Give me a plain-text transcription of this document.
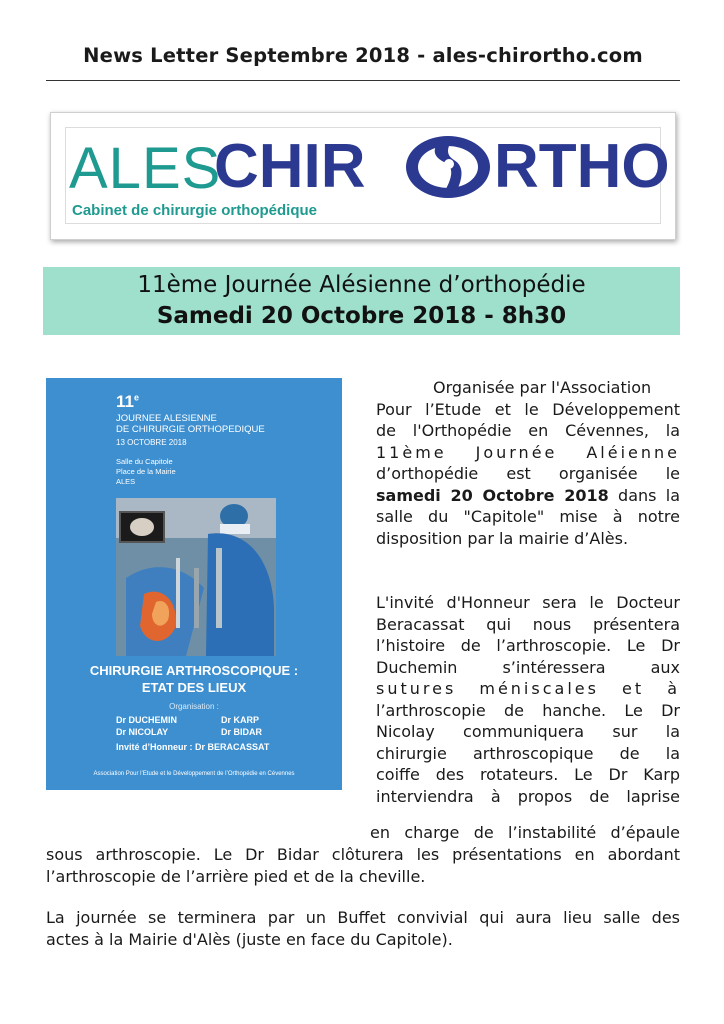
News Letter Septembre 2018 - ales-chirortho.com
ALES
CHIR RTHO
Cabinet de chirurgie orthopédique
11ème Journée Alésienne d’orthopédie
Samedi 20 Octobre 2018 - 8h30
11e
JOURNEE ALESIENNE
DE CHIRURGIE ORTHOPEDIQUE
13 OCTOBRE 2018
Salle du Capitole
Place de la Mairie
ALES
CHIRURGIE ARTHROSCOPIQUE :
ETAT DES LIEUX
Organisation :
Dr DUCHEMIN	Dr KARP
Dr NICOLAY	Dr BIDAR
Invité d’Honneur : Dr BERACASSAT
Association Pour l’Etude et le Développement de l’Orthopédie en Cévennes
Organisée par l'Association
Pour l’Etude et le Développement
de l'Orthopédie en Cévennes, la
11ème Journée Aléienne
d’orthopédie est organisée le
samedi 20 Octobre 2018 dans la
salle du "Capitole" mise à notre
disposition par la mairie d’Alès.
L'invité d'Honneur sera le Docteur
Beracassat qui nous présentera
l’histoire de l’arthroscopie. Le Dr
Duchemin s’intéressera aux
sutures méniscales et à
l’arthroscopie de hanche. Le Dr
Nicolay communiquera sur la
chirurgie arthroscopique de la
coiffe des rotateurs. Le Dr Karp
interviendra à propos de laprise
en charge de l’instabilité d’épaule
sous arthroscopie. Le Dr Bidar clôturera les présentations en abordant
l’arthroscopie de l’arrière pied et de la cheville.
La journée se terminera par un Buffet convivial qui aura lieu salle des
actes à la Mairie d'Alès (juste en face du Capitole).
